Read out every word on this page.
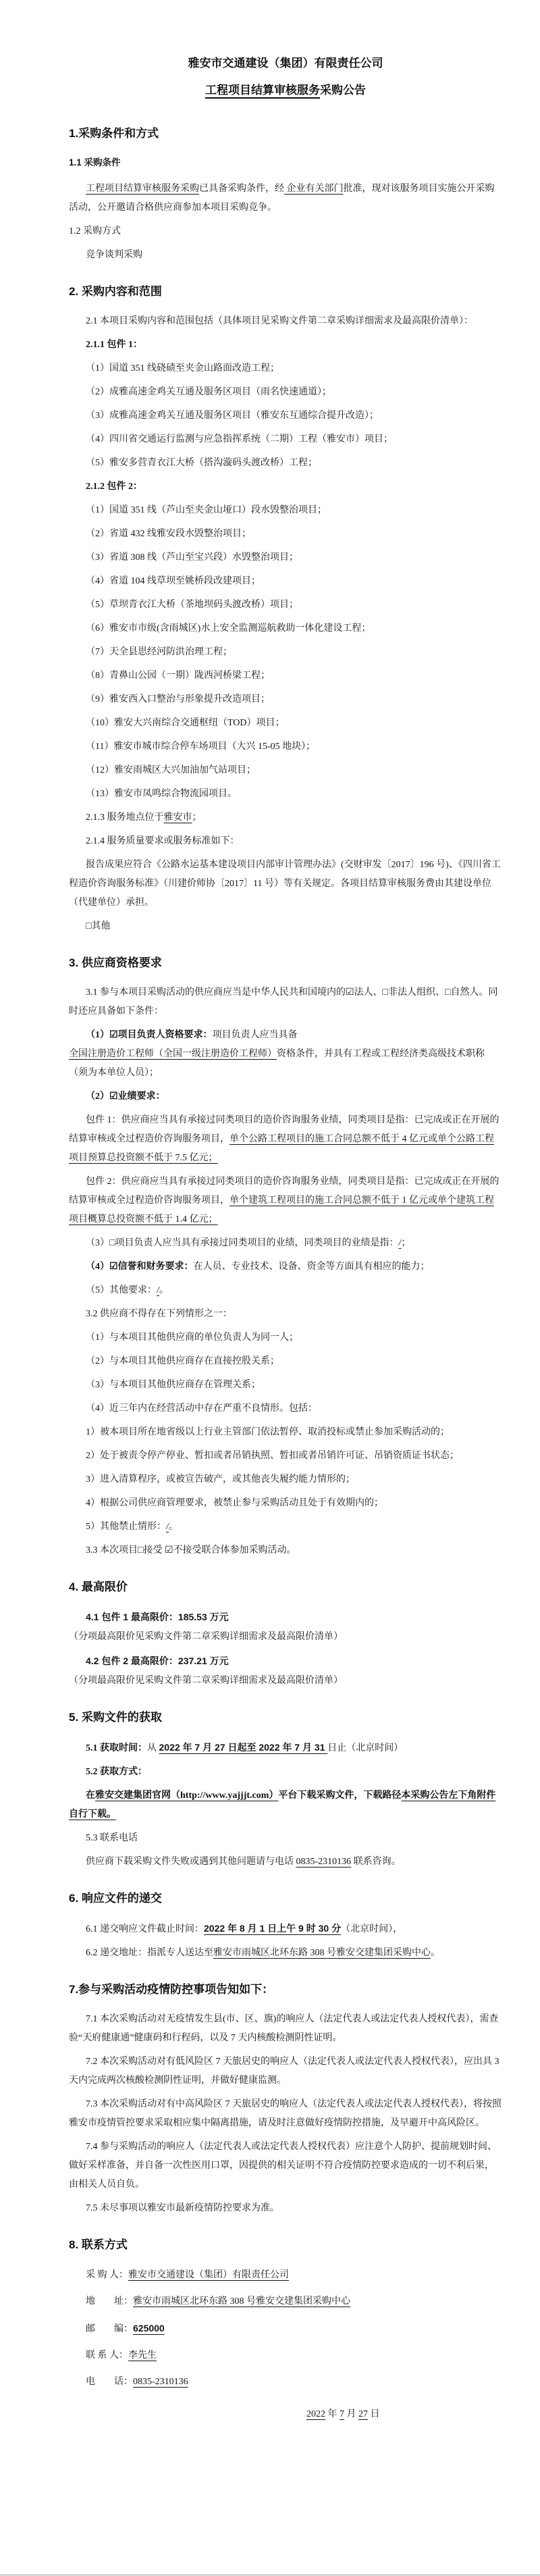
雅安市交通建设（集团）有限责任公司
工程项目结算审核服务采购公告
1.采购条件和方式
1.1 采购条件

工程项目结算审核服务采购已具备采购条件，经 企业有关部门批准，现对该服务项目实施公开采购活动，公开邀请合格供应商参加本项目采购竞争。

1.2 采购方式

竞争谈判采购

2. 采购内容和范围

2.1 本项目采购内容和范围包括（具体项目见采购文件第二章采购详细需求及最高限价清单）：

2.1.1 包件 1：

（1）国道 351 线硗碛至夹金山路面改造工程；

（2）成雅高速金鸡关互通及服务区项目（雨名快速通道）；

（3）成雅高速金鸡关互通及服务区项目（雅安东互通综合提升改造）；

（4）四川省交通运行监测与应急指挥系统（二期）工程（雅安市）项目；

（5）雅安多营青衣江大桥（搭沟漩码头渡改桥）工程；

2.1.2 包件 2：

（1）国道 351 线（芦山至夹金山垭口）段水毁整治项目；

（2）省道 432 线雅安段水毁整治项目；

（3）省道 308 线（芦山至宝兴段）水毁整治项目；

（4）省道 104 线草坝至姚桥段改建项目；

（5）草坝青衣江大桥（茶地坝码头渡改桥）项目；

（6）雅安市市级(含雨城区)水上安全监测巡航救助一体化建设工程；

（7）天全县思经河防洪治理工程；

（8）青鼻山公园（一期）陇西河桥梁工程；

（9）雅安西入口整治与形象提升改造项目；

（10）雅安大兴南综合交通枢纽（TOD）项目；

（11）雅安市城市综合停车场项目（大兴 15-05 地块）；

（12）雅安雨城区大兴加油加气站项目；

（13）雅安市凤鸣综合物流园项目。

2.1.3 服务地点位于雅安市；

2.1.4 服务质量要求或服务标准如下：

报告成果应符合《公路水运基本建设项目内部审计管理办法》(交财审发〔2017〕196 号)、《四川省工程造价咨询服务标准》（川建价师协〔2017〕11 号）等有关规定。各项目结算审核服务费由其建设单位（代建单位）承担。

□其他

3. 供应商资格要求

3.1 参与本项目采购活动的供应商应当是中华人民共和国境内的☑法人、□非法人组织、□自然人。同时还应具备如下条件：

（1）☑项目负责人资格要求：项目负责人应当具备全国注册造价工程师（全国一级注册造价工程师）资格条件，并具有工程或工程经济类高级技术职称（须为本单位人员）；

（2）☑业绩要求：

包件 1：供应商应当具有承接过同类项目的造价咨询服务业绩，同类项目是指：已完成或正在开展的结算审核或全过程造价咨询服务项目，单个公路工程项目的施工合同总额不低于 4 亿元或单个公路工程项目预算总投资额不低于 7.5 亿元；

包件 2：供应商应当具有承接过同类项目的造价咨询服务业绩，同类项目是指：已完成或正在开展的结算审核或全过程造价咨询服务项目，单个建筑工程项目的施工合同总额不低于 1 亿元或单个建筑工程项目概算总投资额不低于 1.4 亿元；

（3）□项目负责人应当具有承接过同类项目的业绩，同类项目的业绩是指：/；

（4）☑信誉和财务要求：在人员、专业技术、设备、资金等方面具有相应的能力；

（5）其他要求：/。

3.2 供应商不得存在下列情形之一：

（1）与本项目其他供应商的单位负责人为同一人；

（2）与本项目其他供应商存在直接控股关系；

（3）与本项目其他供应商存在管理关系；

（4）近三年内在经营活动中存在严重不良情形。包括：

1）被本项目所在地省级以上行业主管部门依法暂停、取消投标或禁止参加采购活动的；

2）处于被责令停产停业、暂扣或者吊销执照、暂扣或者吊销许可证、吊销资质证书状态；

3）进入清算程序，或被宣告破产，或其他丧失履约能力情形的；

4）根据公司供应商管理要求，被禁止参与采购活动且处于有效期内的；

5）其他禁止情形：/。

3.3 本次项目□接受 ☑不接受联合体参加采购活动。

4. 最高限价

4.1 包件 1 最高限价：185.53 万元（分项最高限价见采购文件第二章采购详细需求及最高限价清单）

4.2 包件 2 最高限价：237.21 万元（分项最高限价见采购文件第二章采购详细需求及最高限价清单）

5. 采购文件的获取

5.1 获取时间：从 2022 年 7 月 27 日起至 2022 年 7 月 31 日止（北京时间）

5.2 获取方式：

在雅安交建集团官网（http://www.yajjjt.com）平台下载采购文件，下载路径本采购公告左下角附件自行下载。

5.3 联系电话

供应商下载采购文件失败或遇到其他问题请与电话 0835-2310136 联系咨询。

6. 响应文件的递交

6.1 递交响应文件截止时间：2022 年 8 月 1 日上午 9 时 30 分（北京时间），

6.2 递交地址：指派专人送达至雅安市雨城区北环东路 308 号雅安交建集团采购中心。

7.参与采购活动疫情防控事项告知如下：

7.1 本次采购活动对无疫情发生县(市、区、旗)的响应人（法定代表人或法定代表人授权代表），需查验“天府健康通”健康码和行程码，以及 7 天内核酸检测阴性证明。

7.2 本次采购活动对有低风险区 7 天旅居史的响应人（法定代表人或法定代表人授权代表），应出具 3 天内完成两次核酸检测阴性证明，并做好健康监测。

7.3 本次采购活动对有中高风险区 7 天旅居史的响应人（法定代表人或法定代表人授权代表），将按照雅安市疫情管控要求采取相应集中隔离措施，请及时注意做好疫情防控措施，及早避开中高风险区。

7.4 参与采购活动的响应人（法定代表人或法定代表人授权代表）应注意个人防护、提前规划时间、做好采样准备，并自备一次性医用口罩，因提供的相关证明不符合疫情防控要求造成的一切不利后果，由相关人员自负。

7.5 未尽事项以雅安市最新疫情防控要求为准。

8. 联系方式

采 购 人：雅安市交通建设（集团）有限责任公司

地　　址：雅安市雨城区北环东路 308 号雅安交建集团采购中心

邮　　编：625000

联 系 人：李先生

电　　话：0835-2310136

2022 年 7 月 27 日
